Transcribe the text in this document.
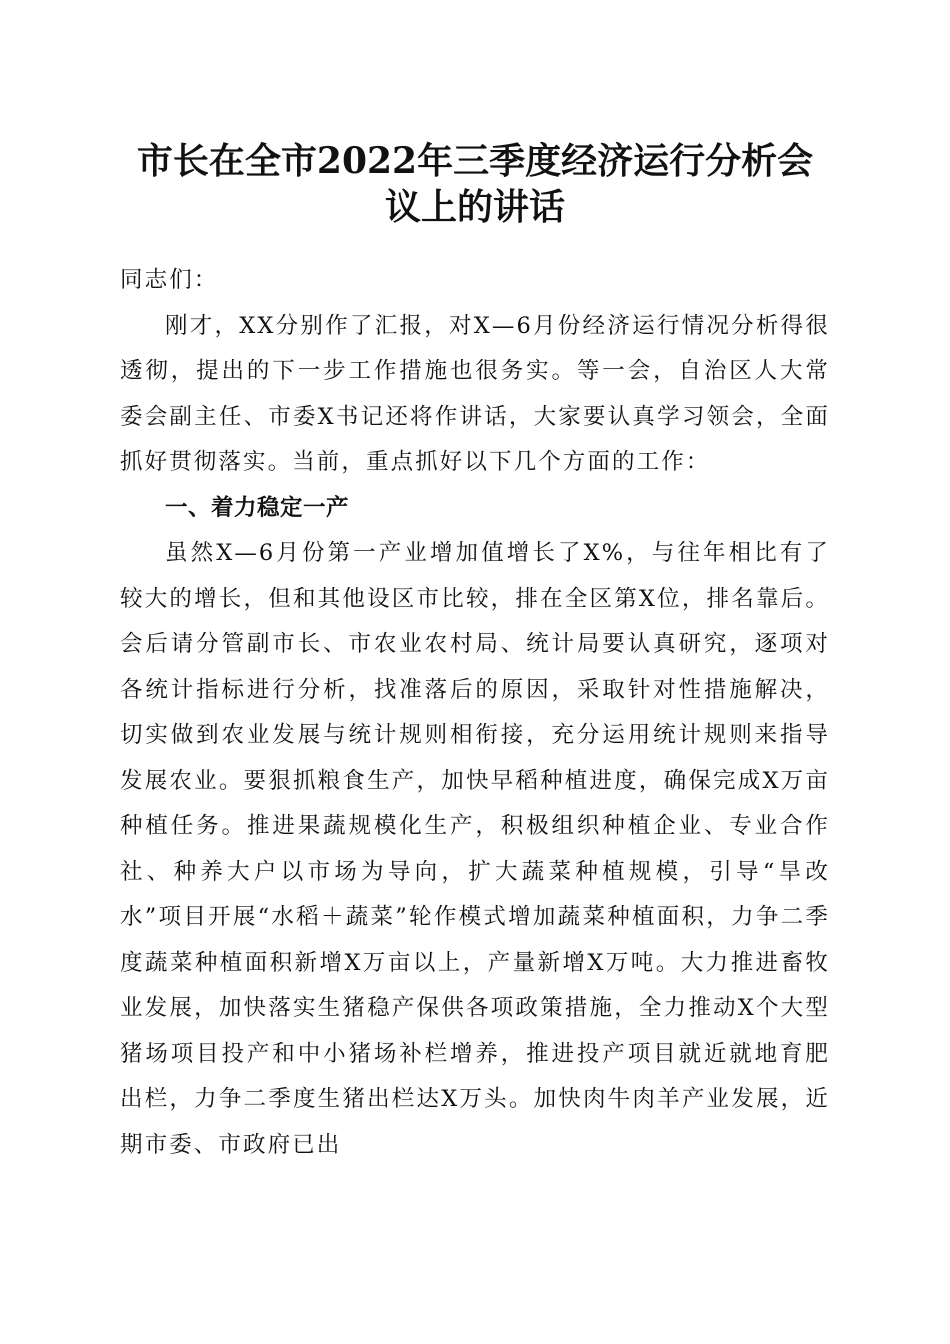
市长在全市2022年三季度经济运行分析会议上的讲话

同志们：

刚才，XX分别作了汇报，对X—6月份经济运行情况分析得很透彻，提出的下一步工作措施也很务实。等一会，自治区人大常委会副主任、市委X书记还将作讲话，大家要认真学习领会，全面抓好贯彻落实。当前，重点抓好以下几个方面的工作：

一、着力稳定一产

虽然X—6月份第一产业增加值增长了X%，与往年相比有了较大的增长，但和其他设区市比较，排在全区第X位，排名靠后。会后请分管副市长、市农业农村局、统计局要认真研究，逐项对各统计指标进行分析，找准落后的原因，采取针对性措施解决，切实做到农业发展与统计规则相衔接，充分运用统计规则来指导发展农业。要狠抓粮食生产，加快早稻种植进度，确保完成X万亩种植任务。推进果蔬规模化生产，积极组织种植企业、专业合作社、种养大户以市场为导向，扩大蔬菜种植规模，引导“旱改水”项目开展“水稻＋蔬菜”轮作模式增加蔬菜种植面积，力争二季度蔬菜种植面积新增X万亩以上，产量新增X万吨。大力推进畜牧业发展，加快落实生猪稳产保供各项政策措施，全力推动X个大型猪场项目投产和中小猪场补栏增养，推进投产项目就近就地育肥出栏，力争二季度生猪出栏达X万头。加快肉牛肉羊产业发展，近期市委、市政府已出
